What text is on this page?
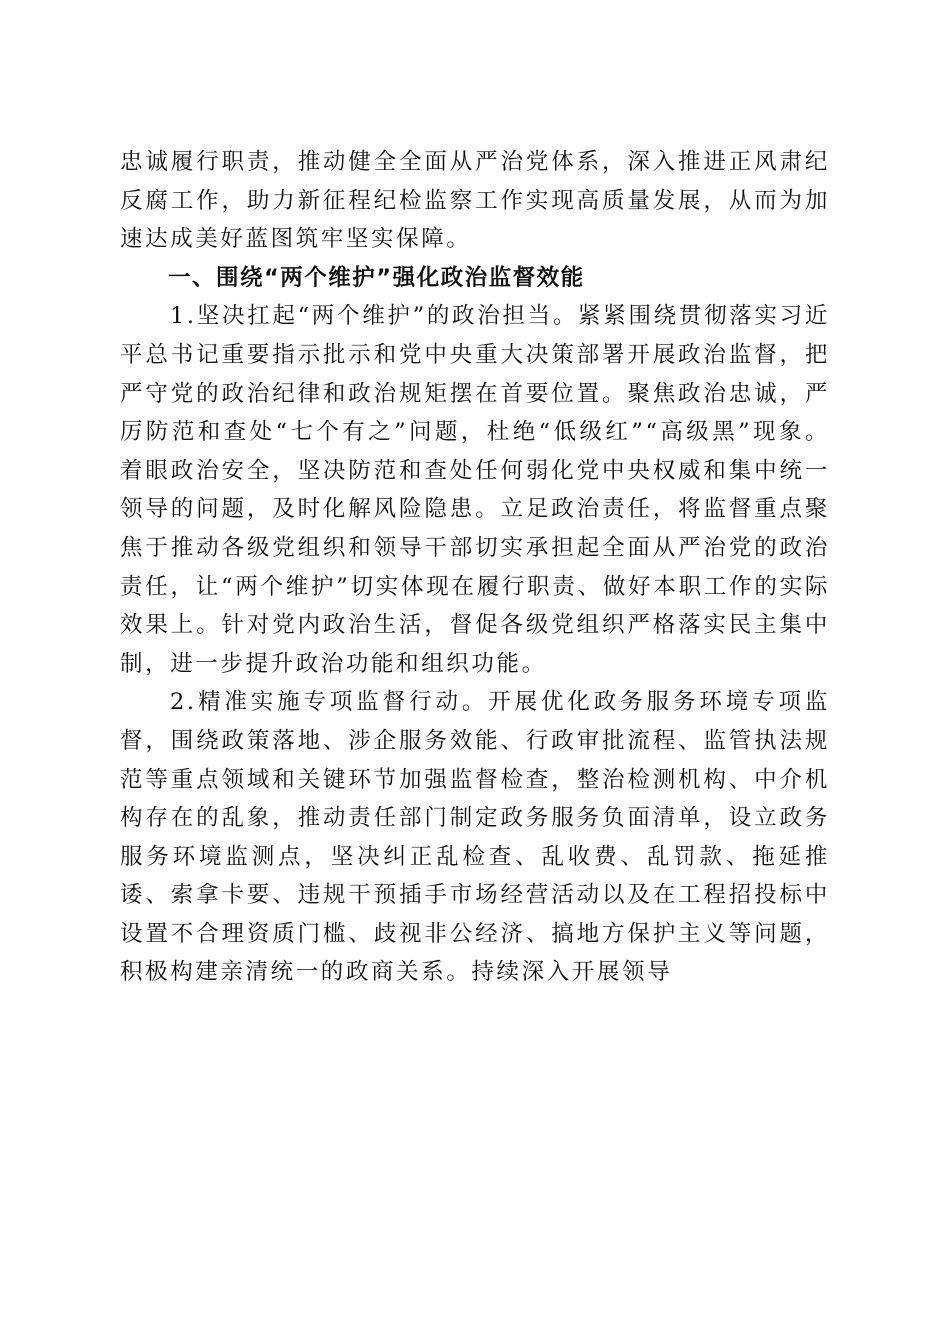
忠诚履行职责，推动健全全面从严治党体系，深入推进正风肃纪反腐工作，助力新征程纪检监察工作实现高质量发展，从而为加速达成美好蓝图筑牢坚实保障。

一、围绕“两个维护”强化政治监督效能

1.坚决扛起“两个维护”的政治担当。紧紧围绕贯彻落实习近平总书记重要指示批示和党中央重大决策部署开展政治监督，把严守党的政治纪律和政治规矩摆在首要位置。聚焦政治忠诚，严厉防范和查处“七个有之”问题，杜绝“低级红”“高级黑”现象。着眼政治安全，坚决防范和查处任何弱化党中央权威和集中统一领导的问题，及时化解风险隐患。立足政治责任，将监督重点聚焦于推动各级党组织和领导干部切实承担起全面从严治党的政治责任，让“两个维护”切实体现在履行职责、做好本职工作的实际效果上。针对党内政治生活，督促各级党组织严格落实民主集中制，进一步提升政治功能和组织功能。

2.精准实施专项监督行动。开展优化政务服务环境专项监督，围绕政策落地、涉企服务效能、行政审批流程、监管执法规范等重点领域和关键环节加强监督检查，整治检测机构、中介机构存在的乱象，推动责任部门制定政务服务负面清单，设立政务服务环境监测点，坚决纠正乱检查、乱收费、乱罚款、拖延推诿、索拿卡要、违规干预插手市场经营活动以及在工程招投标中设置不合理资质门槛、歧视非公经济、搞地方保护主义等问题，积极构建亲清统一的政商关系。持续深入开展领导
